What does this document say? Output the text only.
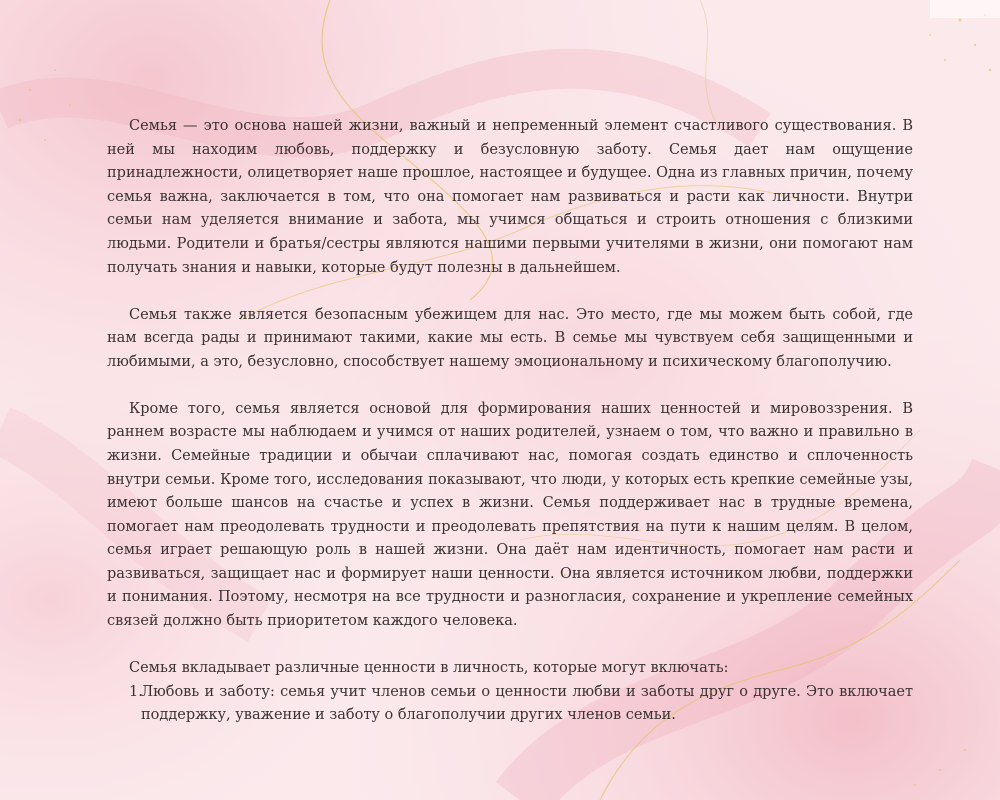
Семья — это основа нашей жизни, важный и непременный элемент счастливого существования. В ней мы находим любовь, поддержку и безусловную заботу. Семья дает нам ощущение принадлежности, олицетворяет наше прошлое, настоящее и будущее. Одна из главных причин, почему семья важна, заключается в том, что она помогает нам развиваться и расти как личности. Внутри семьи нам уделяется внимание и забота, мы учимся общаться и строить отношения с близкими людьми. Родители и братья/сестры являются нашими первыми учителями в жизни, они помогают нам получать знания и навыки, которые будут полезны в дальнейшем.

Семья также является безопасным убежищем для нас. Это место, где мы можем быть собой, где нам всегда рады и принимают такими, какие мы есть. В семье мы чувствуем себя защищенными и любимыми, а это, безусловно, способствует нашему эмоциональному и психическому благополучию.

Кроме того, семья является основой для формирования наших ценностей и мировоззрения. В раннем возрасте мы наблюдаем и учимся от наших родителей, узнаем о том, что важно и правильно в жизни. Семейные традиции и обычаи сплачивают нас, помогая создать единство и сплоченность внутри семьи. Кроме того, исследования показывают, что люди, у которых есть крепкие семейные узы, имеют больше шансов на счастье и успех в жизни. Семья поддерживает нас в трудные времена, помогает нам преодолевать трудности и преодолевать препятствия на пути к нашим целям. В целом, семья играет решающую роль в нашей жизни. Она даёт нам идентичность, помогает нам расти и развиваться, защищает нас и формирует наши ценности. Она является источником любви, поддержки и понимания. Поэтому, несмотря на все трудности и разногласия, сохранение и укрепление семейных связей должно быть приоритетом каждого человека.

Семья вкладывает различные ценности в личность, которые могут включать:

1.
Любовь и заботу: семья учит членов семьи о ценности любви и заботы друг о друге. Это включает поддержку, уважение и заботу о благополучии других членов семьи.
